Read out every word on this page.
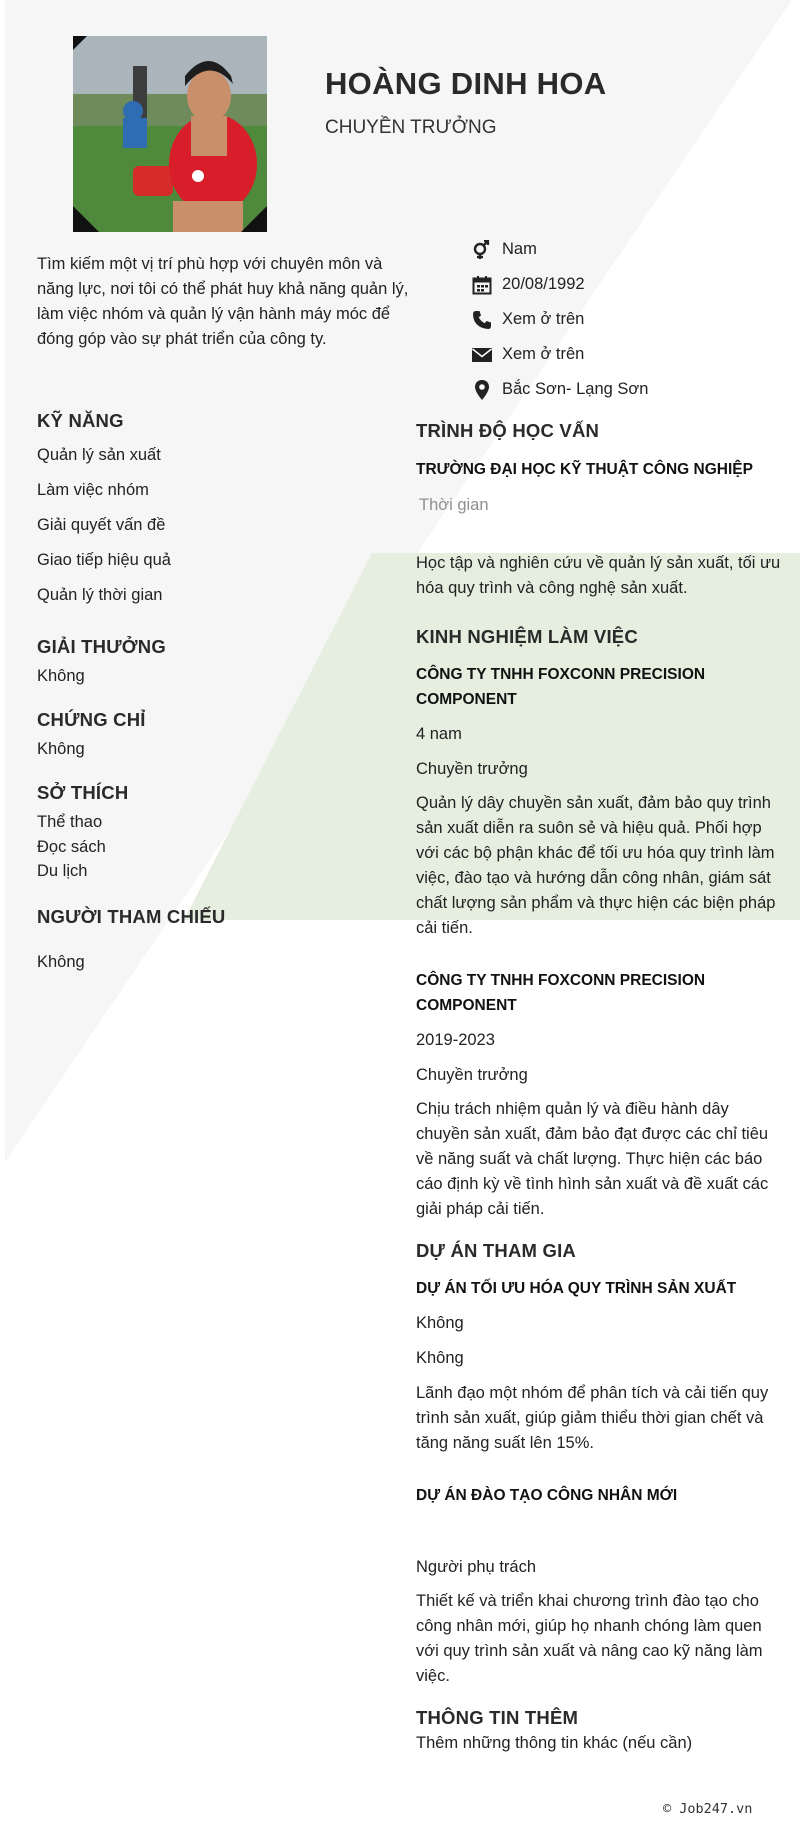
HOÀNG DINH HOA
CHUYỀN TRƯỞNG
Tìm kiếm một vị trí phù hợp với chuyên môn và năng lực, nơi tôi có thể phát huy khả năng quản lý, làm việc nhóm và quản lý vận hành máy móc để đóng góp vào sự phát triển của công ty.
Nam
20/08/1992
Xem ở trên
Xem ở trên
Bắc Sơn- Lạng Sơn
KỸ NĂNG
Quản lý sản xuất
Làm việc nhóm
Giải quyết vấn đề
Giao tiếp hiệu quả
Quản lý thời gian
GIẢI THƯỞNG
Không
CHỨNG CHỈ
Không
SỞ THÍCH
Thể thao
Đọc sách
Du lịch
NGƯỜI THAM CHIẾU
Không
TRÌNH ĐỘ HỌC VẤN
TRƯỜNG ĐẠI HỌC KỸ THUẬT CÔNG NGHIỆP
Thời gian
Học tập và nghiên cứu về quản lý sản xuất, tối ưu hóa quy trình và công nghệ sản xuất.
KINH NGHIỆM LÀM VIỆC
CÔNG TY TNHH FOXCONN PRECISION COMPONENT
4 nam
Chuyền trưởng
Quản lý dây chuyền sản xuất, đảm bảo quy trình sản xuất diễn ra suôn sẻ và hiệu quả. Phối hợp với các bộ phận khác để tối ưu hóa quy trình làm việc, đào tạo và hướng dẫn công nhân, giám sát chất lượng sản phẩm và thực hiện các biện pháp cải tiến.
CÔNG TY TNHH FOXCONN PRECISION COMPONENT
2019-2023
Chuyền trưởng
Chịu trách nhiệm quản lý và điều hành dây chuyền sản xuất, đảm bảo đạt được các chỉ tiêu về năng suất và chất lượng. Thực hiện các báo cáo định kỳ về tình hình sản xuất và đề xuất các giải pháp cải tiến.
DỰ ÁN THAM GIA
DỰ ÁN TỐI ƯU HÓA QUY TRÌNH SẢN XUẤT
Không
Không
Lãnh đạo một nhóm để phân tích và cải tiến quy trình sản xuất, giúp giảm thiểu thời gian chết và tăng năng suất lên 15%.
DỰ ÁN ĐÀO TẠO CÔNG NHÂN MỚI
Người phụ trách
Thiết kế và triển khai chương trình đào tạo cho công nhân mới, giúp họ nhanh chóng làm quen với quy trình sản xuất và nâng cao kỹ năng làm việc.
THÔNG TIN THÊM
Thêm những thông tin khác (nếu cần)
© Job247.vn
